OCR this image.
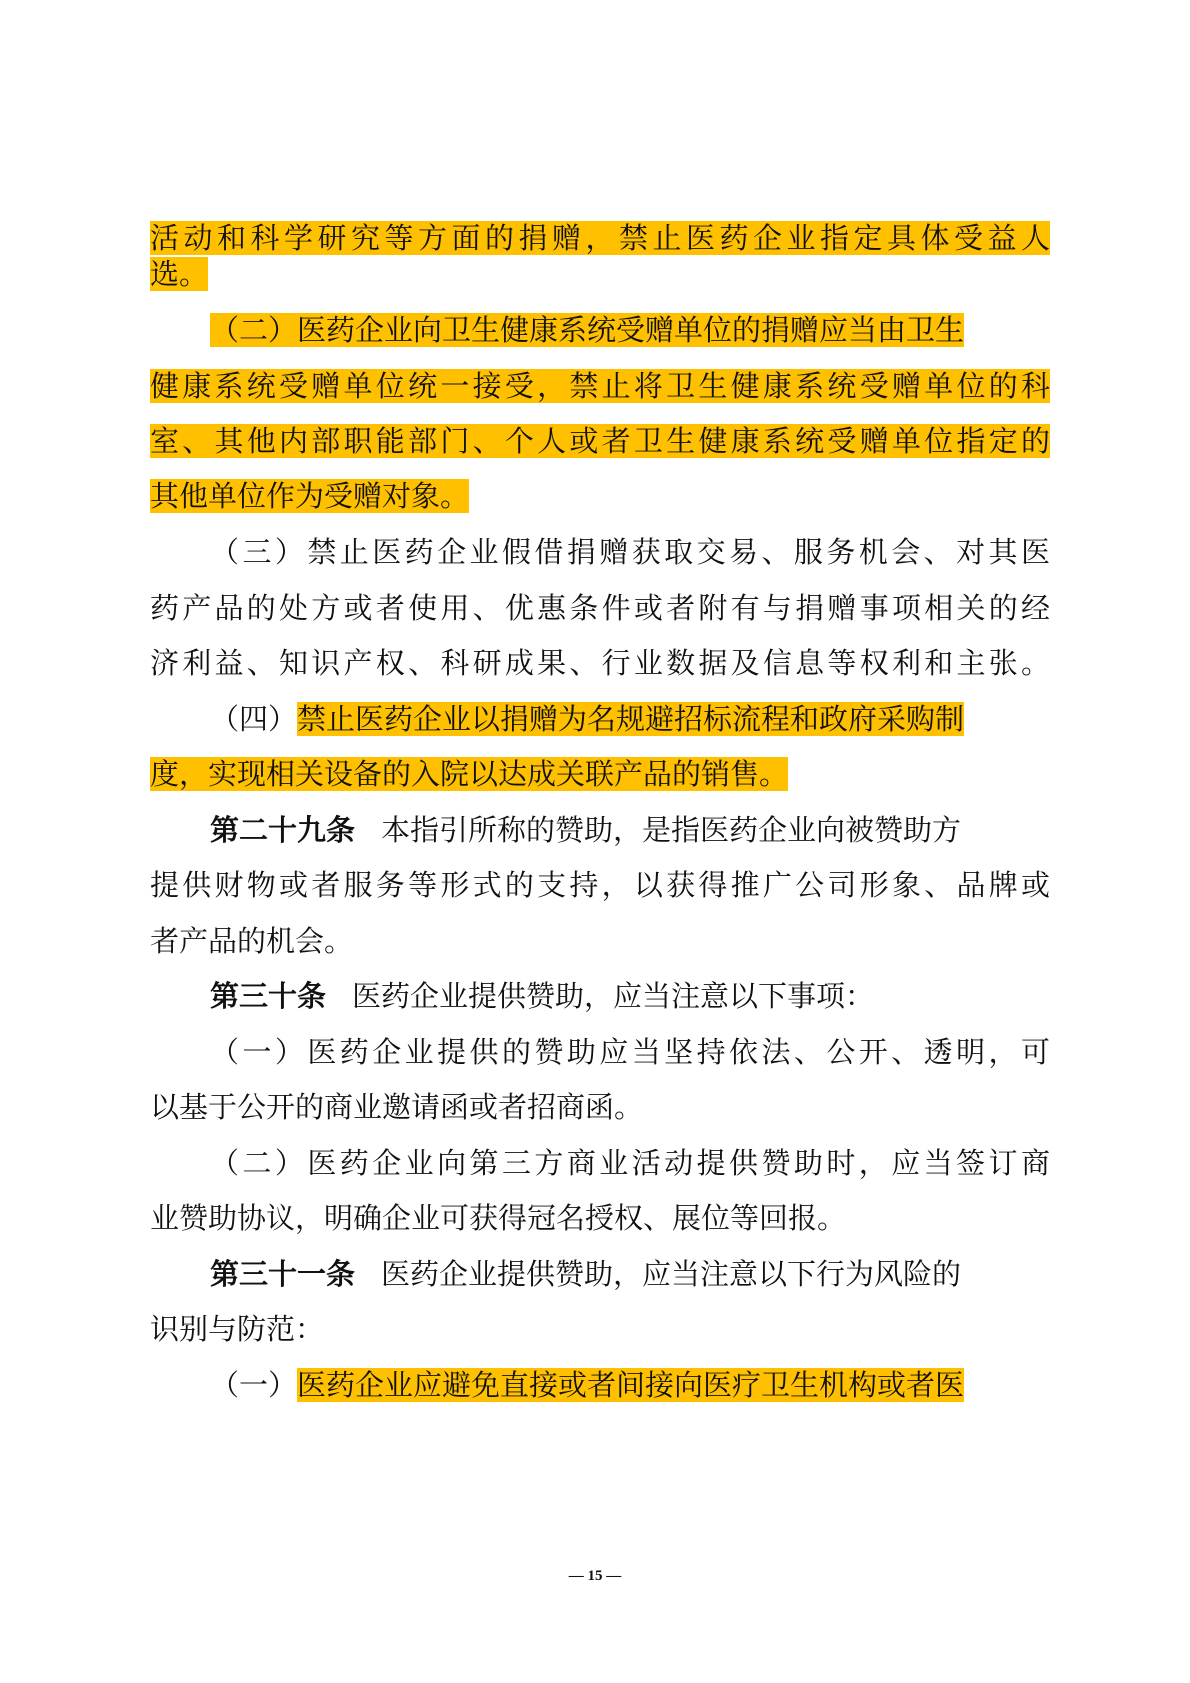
活动和科学研究等方面的捐赠，禁止医药企业指定具体受益人
选。
（二）医药企业向卫生健康系统受赠单位的捐赠应当由卫生
健康系统受赠单位统一接受，禁止将卫生健康系统受赠单位的科
室、其他内部职能部门、个人或者卫生健康系统受赠单位指定的
其他单位作为受赠对象。
（三）禁止医药企业假借捐赠获取交易、服务机会、对其医
药产品的处方或者使用、优惠条件或者附有与捐赠事项相关的经
济利益、知识产权、科研成果、行业数据及信息等权利和主张。
（四）禁止医药企业以捐赠为名规避招标流程和政府采购制
度，实现相关设备的入院以达成关联产品的销售。
第二十九条 本指引所称的赞助，是指医药企业向被赞助方
提供财物或者服务等形式的支持，以获得推广公司形象、品牌或
者产品的机会。
第三十条 医药企业提供赞助，应当注意以下事项：
（一）医药企业提供的赞助应当坚持依法、公开、透明，可
以基于公开的商业邀请函或者招商函。
（二）医药企业向第三方商业活动提供赞助时，应当签订商
业赞助协议，明确企业可获得冠名授权、展位等回报。
第三十一条 医药企业提供赞助，应当注意以下行为风险的
识别与防范：
（一）医药企业应避免直接或者间接向医疗卫生机构或者医
— 15 —
